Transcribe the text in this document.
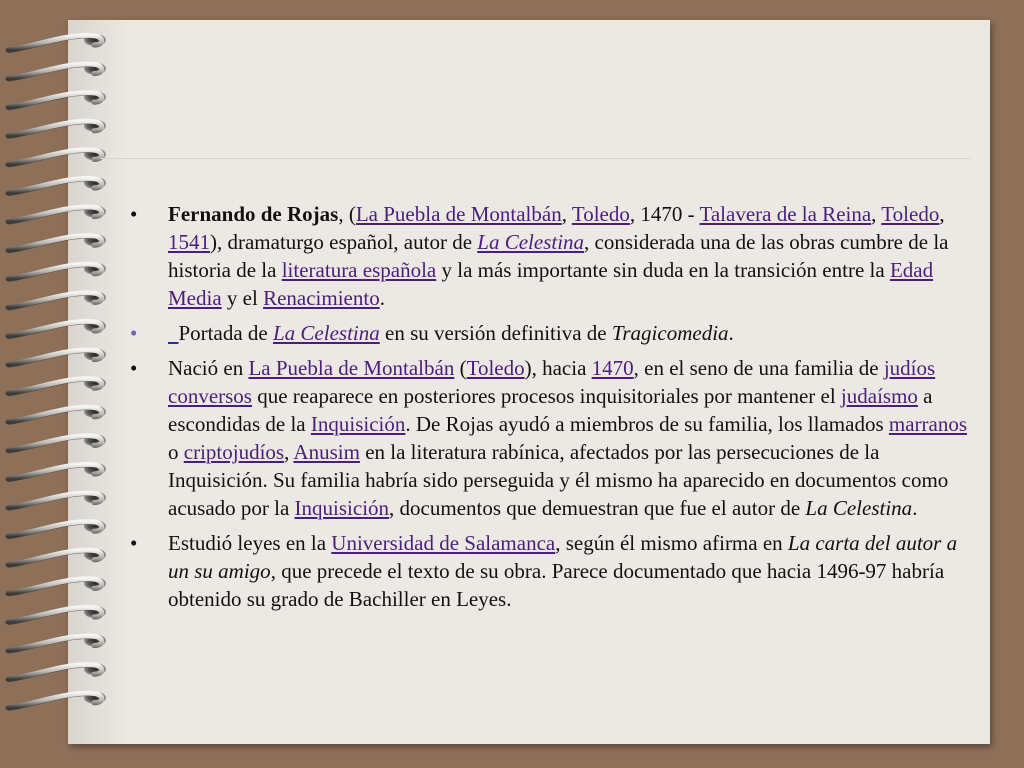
•	Fernando de Rojas, (La Puebla de Montalbán, Toledo, 1470 - Talavera de la Reina, Toledo, 1541), dramaturgo español, autor de La Celestina, considerada una de las obras cumbre de la historia de la literatura española y la más importante sin duda en la transición entre la Edad Media y el Renacimiento.
•	Portada de La Celestina en su versión definitiva de Tragicomedia.
•	Nació en La Puebla de Montalbán (Toledo), hacia 1470, en el seno de una familia de judíos conversos que reaparece en posteriores procesos inquisitoriales por mantener el judaísmo a escondidas de la Inquisición. De Rojas ayudó a miembros de su familia, los llamados marranos o criptojudíos, Anusim en la literatura rabínica, afectados por las persecuciones de la Inquisición. Su familia habría sido perseguida y él mismo ha aparecido en documentos como acusado por la Inquisición, documentos que demuestran que fue el autor de La Celestina.
•	Estudió leyes en la Universidad de Salamanca, según él mismo afirma en La carta del autor a un su amigo, que precede el texto de su obra. Parece documentado que hacia 1496-97 habría obtenido su grado de Bachiller en Leyes.
